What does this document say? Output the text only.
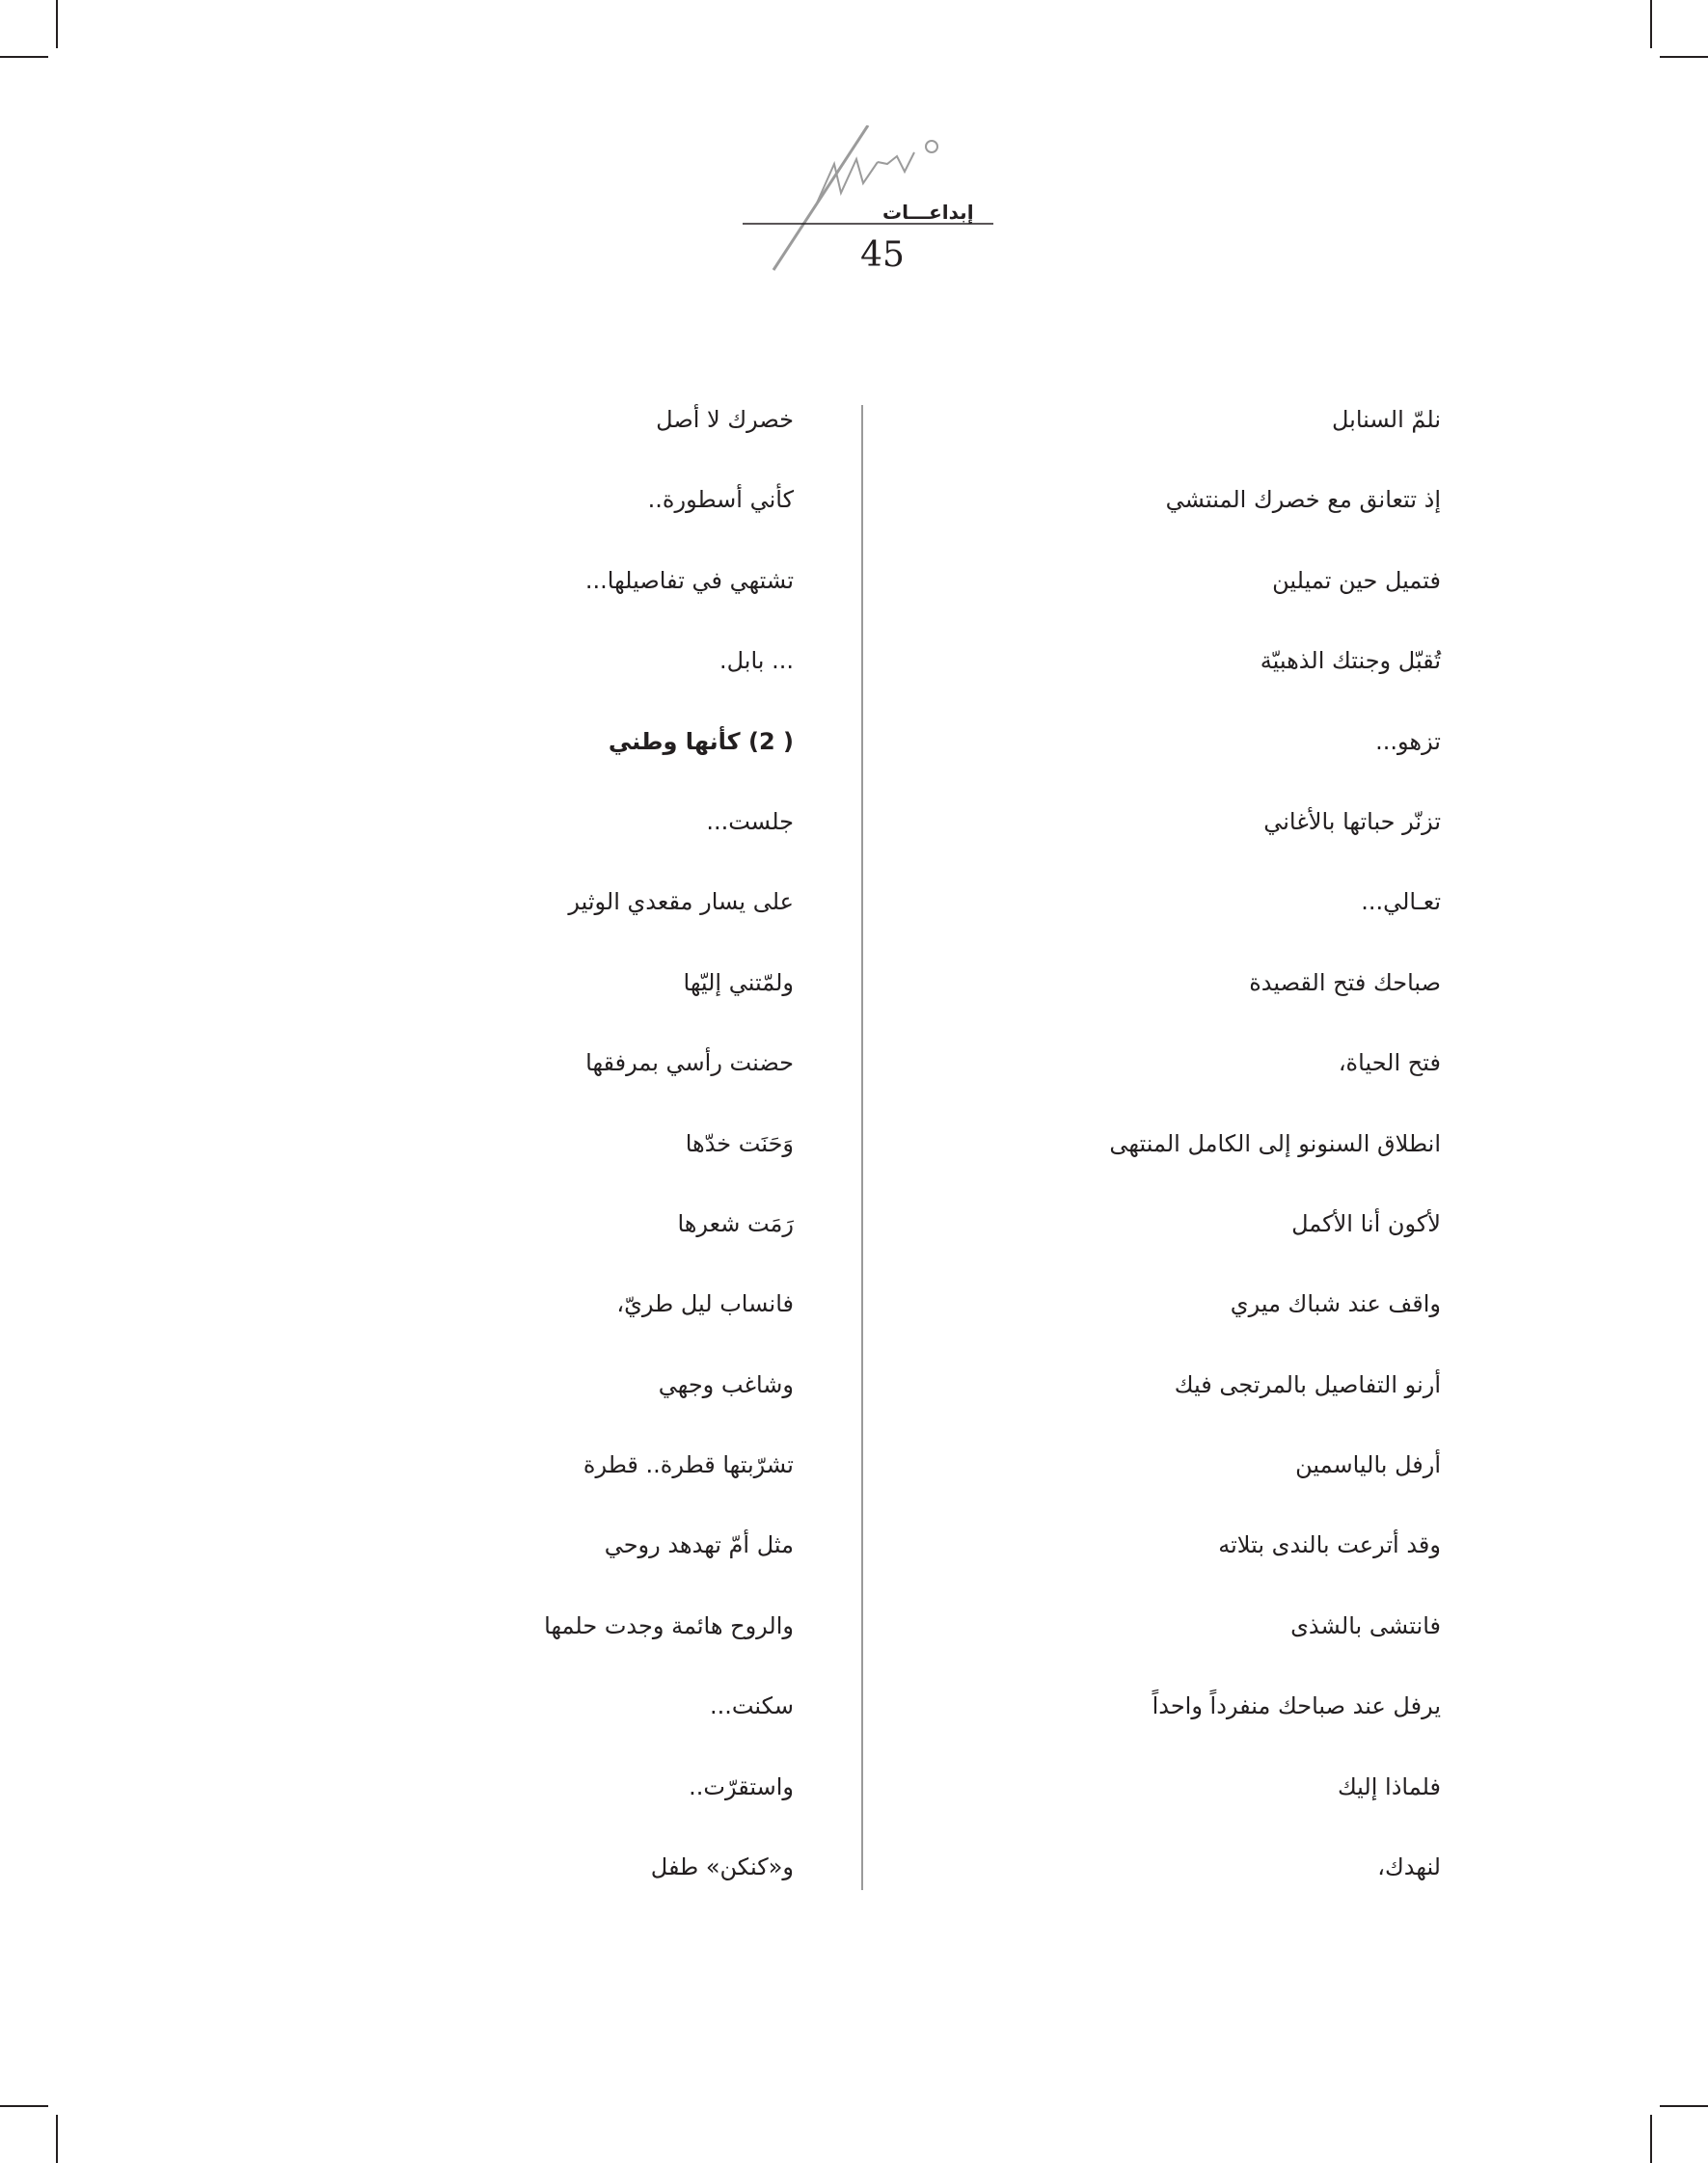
إبداعـــات
45
نلمّ السنابل
إذ تتعانق مع خصرك المنتشي
فتميل حين تميلين
تُقبّل وجنتك الذهبيّة
تزهو...
تزنّر حباتها بالأغاني
تعـالي...
صباحك فتح القصيدة
فتح الحياة،
انطلاق السنونو إلى الكامل المنتهى
لأكون أنا الأكمل
واقف عند شباك ميري
أرنو التفاصيل بالمرتجى فيك
أرفل بالياسمين
وقد أترعت بالندى بتلاته
فانتشى بالشذى
يرفل عند صباحك منفرداً واحداً
فلماذا إليك
لنهدك،
خصرك لا أصل
كأني أسطورة..
تشتهي في تفاصيلها...
... بابل.
( 2) كأنها وطني
جلست...
على يسار مقعدي الوثير
ولمّتني إليّها
حضنت رأسي بمرفقها
وَحَنَت خدّها
رَمَت شعرها
فانساب ليل طريّ،
وشاغب وجهي
تشرّبتها قطرة.. قطرة
مثل أمّ تهدهد روحي
والروح هائمة وجدت حلمها
سكنت...
واستقرّت..
و«كنكن» طفل
